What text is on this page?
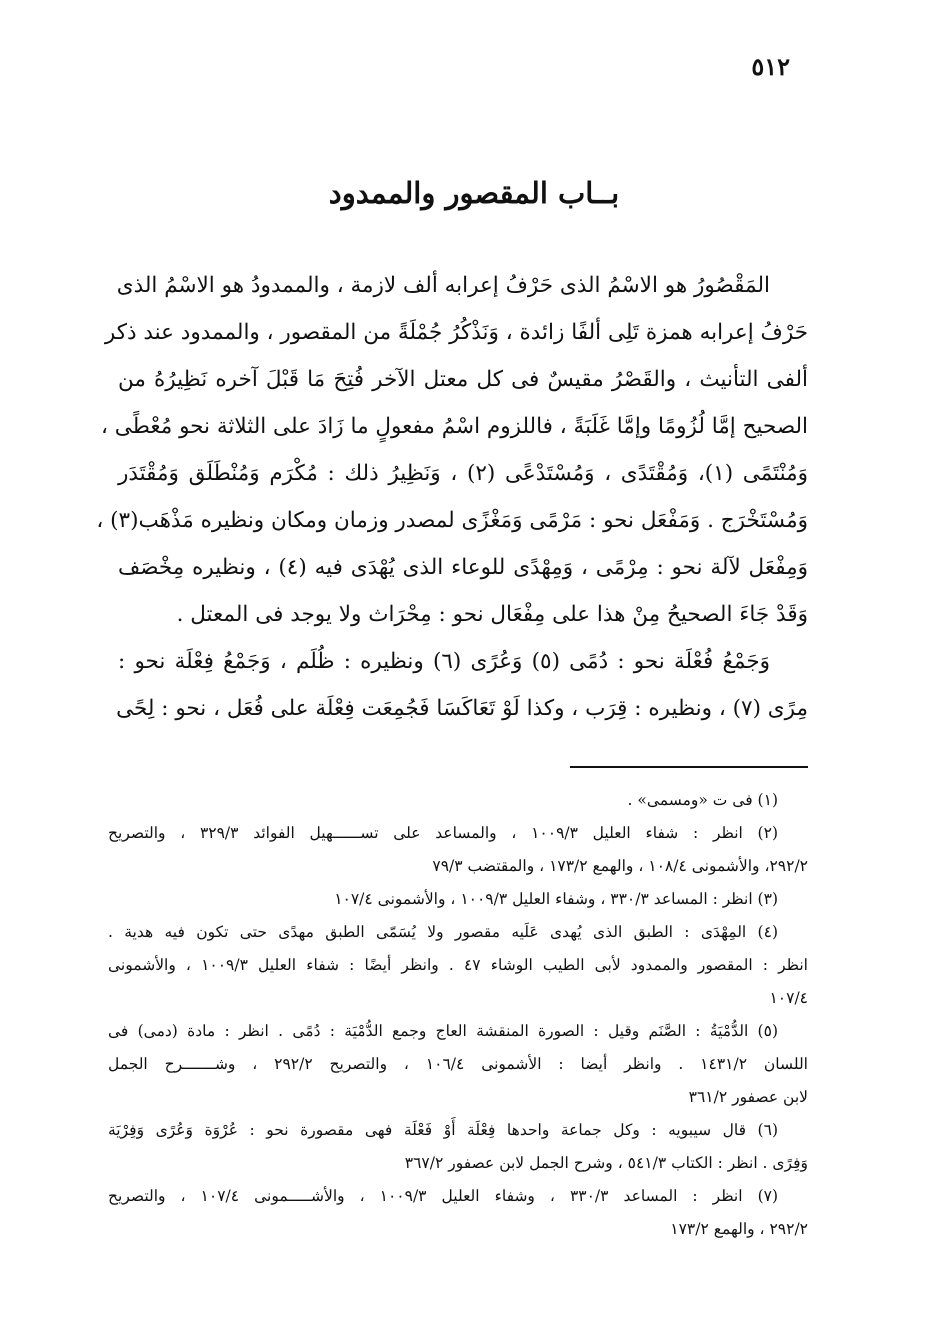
٥١٢
بــاب المقصور والممدود
المَقْصُورُ هو الاسْمُ الذى حَرْفُ إعرابه ألف لازمة ، والممدودُ هو الاسْمُ الذى
حَرْفُ إعرابه همزة تَلِى ألفًا زائدة ، وَنَذْكُرُ جُمْلَةً من المقصور ، والممدود عند ذكر
ألفى التأنيث ، والقَصْرُ مقيسٌ فى كل معتل الآخر فُتِحَ مَا قَبْلَ آخره نَظِيرُهُ من
الصحيح إمَّا لُزُومًا وإمَّا غَلَبَةً ، فاللزوم اسْمُ مفعولٍ ما زَادَ على الثلاثة نحو مُعْطًى ،
وَمُنْتَمًى (١)، وَمُقْتَدًى ، وَمُسْتَدْعًى (٢) ، وَنَظِيرُ ذلك : مُكْرَم وَمُنْطَلَق وَمُقْتَدَر
وَمُسْتَخْرَج . وَمَفْعَل نحو : مَرْمًى وَمَغْزًى لمصدر وزمان ومكان ونظيره مَذْهَب(٣) ،
وَمِفْعَل لآلة نحو : مِرْمًى ، وَمِهْدًى للوعاء الذى يُهْدَى فيه (٤) ، ونظيره مِخْصَف
وَقَدْ جَاءَ الصحيحُ مِنْ هذا على مِفْعَال نحو : مِحْرَاث ولا يوجد فى المعتل .
وَجَمْعُ فُعْلَة نحو : دُمًى (٥) وَعُرًى (٦) ونظيره : ظُلَم ، وَجَمْعُ فِعْلَة نحو :
مِرًى (٧) ، ونظيره : قِرَب ، وكذا لَوْ تَعَاكَسَا فَجُمِعَت فِعْلَة على فُعَل ، نحو : لِحًى
(١) فى ت «ومسمى» .
(٢) انظر : شفاء العليل ١٠٠٩/٣ ، والمساعد على تســــــهيل الفوائد ٣٢٩/٣ ، والتصريح
٢٩٢/٢، والأشمونى ١٠٨/٤ ، والهمع ١٧٣/٢ ، والمقتضب ٧٩/٣
(٣) انظر : المساعد ٣٣٠/٣ ، وشفاء العليل ١٠٠٩/٣ ، والأشمونى ١٠٧/٤
(٤) المِهْدَى : الطبق الذى يُهدى عَلَيه مقصور ولا يُسَمّى الطبق مهدًى حتى تكون فيه هدية .
انظر : المقصور والممدود لأبى الطيب الوشاء ٤٧ . وانظر أيضًا : شفاء العليل ١٠٠٩/٣ ، والأشمونى
١٠٧/٤
(٥) الدُّمْيَةُ : الصَّنَم وقيل : الصورة المنقشة العاج وجمع الدُّمْيَة : دُمًى . انظر : مادة (دمى) فى
اللسان ١٤٣١/٢ . وانظر أيضا : الأشمونى ١٠٦/٤ ، والتصريح ٢٩٢/٢ ، وشـــــــرح الجمل
لابن عصفور ٣٦١/٢
(٦) قال سيبويه : وكل جماعة واحدها فِعْلَة أَوْ فَعْلَة فهى مقصورة نحو : عُرْوَة وَعُرًى وَفِرْيَة
وَفِرًى . انظر : الكتاب ٥٤١/٣ ، وشرح الجمل لابن عصفور ٣٦٧/٢
(٧) انظر : المساعد ٣٣٠/٣ ، وشفاء العليل ١٠٠٩/٣ ، والأشـــــمونى ١٠٧/٤ ، والتصريح
٢٩٢/٢ ، والهمع ١٧٣/٢
